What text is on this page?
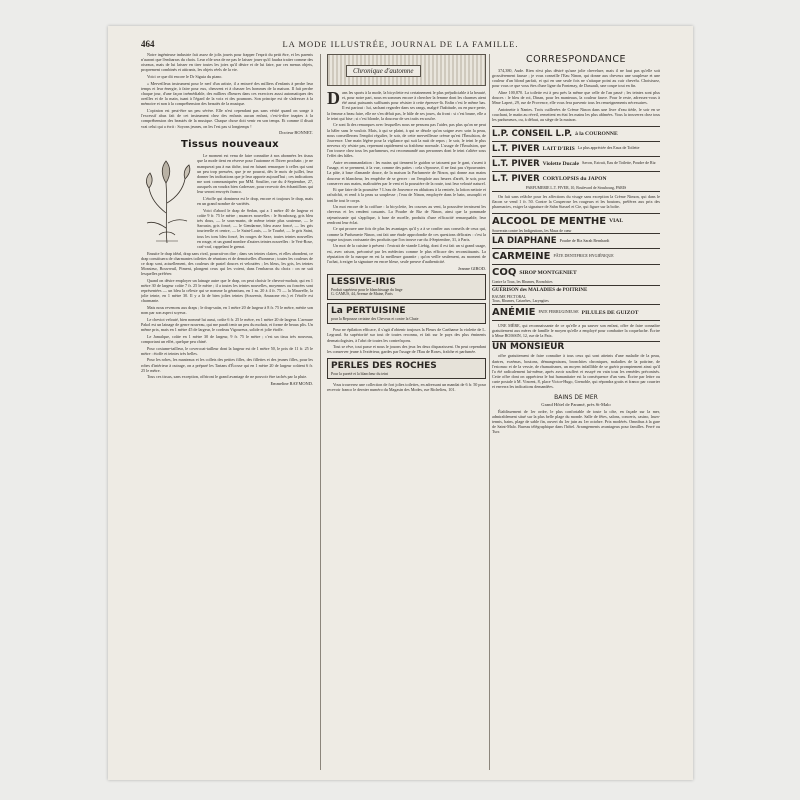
464	LA MODE ILLUSTRÉE, JOURNAL DE LA FAMILLE.

Notre ingénieuse industrie fait assez de jolis jouets pour frapper l'esprit du petit être, et les parents n'auront que l'embarras du choix. Leur rôle sera de ne pas le laisser jouer qu'il faudra traiter comme des oiseaux, mais de lui laisser en tirer toutes les joies qu'il désire et de lui faire, par ces menus objets, proprement combinés et attirants, les objets réels de la vie.

Voici ce que dit encore le Dr Siguia du piano.

« Merveilleux instrument pour le nerf d'un artiste, il a entravé des milliers d'enfants à perdre leur temps et leur énergie, à faire pour eux, cheuvent et à chasser les hommes de la maison. Il fait perdre chaque jour, d'une façon irrémédiable, des milliers d'heures dans ces exercices aussi automatiques des oreilles et de la main, tuant à l'égard de la voix et des poumons. Son principe est de s'adresser à la mémoire et non à la compréhension des beautés de la musique.

L'opinion est peut-être un peu sévère. Elle n'est cependant pas sans vérité quand on songe à l'excessif abus fait de cet instrument chez des enfants aucun enfant, c'est-à-dire inaptes à la compréhension des beautés de la musique. Chaque chose doit venir en son temps. Et comme il disait vrai celui qui a écrit : Soyons jeunes, on les l'est pas si longtemps !

Docteur BONNET.
Tissus nouveaux

Le moment est venu de faire connaître à nos abonnées les tissus que la mode tient en réserve pour l'automne et l'hiver prochain ; je ne manquerai pas à ma tâche, tout en faisant remarquer à celles qui sont un peu trop pressées, que je ne pourrai, dès le mois de juillet, leur donner les indications que je leur apporte aujourd'hui ; ces indications me sont communiquées par MM. Souilier, rue du 4-Septembre, 27, auxquels on voudra bien s'adresser, pour recevoir des échantillons qui leur seront envoyés franco.

L'étoffe qui dominera est le drap, encore et toujours le drap, mais en un grand nombre de variétés.

Voici d'abord le drap de Sedan, qui a 1 mètre 40 de largeur et coûte 9 fr. 75 le mètre ; nuances nouvelles : le Strasbourg, gris bleu très doux, — le sous-marin, de même teinte plus soutenue, — le Sarrasin, gris foncé, — le Gendarme, bleu assez foncé, — les gris tourterelle et centre, — le Saint-Louis, — le Tourbé, — le gris Saint, tous les tons bleu foncé, les rouges de Saxe, toutes teintes nouvelles en rouge, et un grand nombre d'autres teintes nouvelles : le Vert-Rose, craf-craf, rappelant le grenat.

Ensuite le drap idéal, drap sans rival, pourrait-on dire ; dans ses teintes claires, et elles abondent, ce drap constituera de charmantes toilettes de réunions et de demoiselles d'honneur ; toutes les couleurs de ce drap sont, actuellement, des couleurs de pastel douces et veloutées ; les bleus, les gris, les teintes Monsieur, Bouvreuil, Piment, plongent ceux qui les voient, dans l'embarras du choix : on ne sait lesquelles préférer.

Quand on désire employer un lainage autre que le drap, on peut choisir le chevrot-mohair, qui en 1 mètre 30 de largeur coûte 7 fr. 25 le mètre ; il a toutes les teintes nouvelles, moyennes ou foncées sont représentées — un bleu la céleste qui se nomme la géranium, en 1 m. 20 à 4 fr. 75 — la Mauvelle, la jolie teinte, en 1 mètre 30. Il y a là de bien jolies teintes (Souvenir, Amazone etc.) et l'étoffe est charmante.

Mais nous revenons aux draps ; le drap-satin, en 1 mètre 20 de largeur à 8 fr. 75 le mètre, mérite son nom par son aspect soyeux.

Le cheviot velouté, bien nommé lui aussi, coûte 6 fr. 25 le mètre, en 1 mètre 20 de largeur. L'armure Pakol est un lainage de genre nouveau, qui me paraît tenir un peu du mohair, et forme de beaux plis. Un même prix, mais en 1 mètre 45 de largeur, le cordeau Vigoureux, solide et jolie étoffe.

Le Jamalque, coûte en 1 mètre 30 de largeur, 9 fr. 75 le mètre ; c'est un tissu très nouveau, comportant un effet, quelque peu chiné.

Pour costume-tailleur, le covercoat-tailleur dont la largeur est de 1 mètre 50, le prix de 11 fr. 25 le mètre : étoffe et teintes très belles.

Pour les robes, les manteaux et les collets des petites filles, des fillettes et des jeunes filles, pour les robes d'intérieur à outrage, on a préparé les Tartans d'Écosse qui en 1 mètre 20 de largeur coûtent 6 fr. 25 le mètre.

Tous ces tissus, sans exception, offriront le grand avantage de ne pouvoir être tachés par la pluie.

Emmeline RAYMOND.
Chronique d'automne

Dans les sports à la mode, la bicyclette est certainement le plus préjudiciable à la beauté, et, pour notre part, nous en sommes encore à chercher la femme dont les charmes aient été aussi puissants suffisants pour résister à cette épreuve-là. Enfin c'est le même bas. Il est partout : lui, sachant regarder dans ses rangs, malgré l'habitude, ou en pure perte, la femme a beau faire, elle ne s'en défait pas, le hâle de ses joues, du front : si c'est brune, elle a le teint qui bise ; si c'est blonde, la douceur de ses traits en soufre.

Ce sont là des remarques avec lesquelles nous ne pensons pas l'aider, pas plus qu'on ne peut la hâler sans le vouloir. Mais, à qui se plaint, à qui se désole qu'on soigne avec soin la peau, nous conseillerons l'emploi régulier, le soir, de cette merveilleuse crème qu'est l'Émulsion, de Jouvence. Une main légère pour la vigilance qui suit la nuit de repos ; le soir, le teint le plus nerveux n'y résiste pas, reprenant rapidement sa fraîcheur normale. L'usage de l'Émulsion, que l'on trouve chez tous les parfumeurs, est recommandé aux personnes dont le teint s'altère sous l'effet des hâles.

Autre recommandation : les mains qui tiennent le guidon se tatouent par le gant, s'usent à l'usage, et se prennent, à la vue, comme des pattes : cela s'éprouve, il ne faut pas s'épouvanter. La pâte, à base d'amande douce, de la maison la Parfumerie de Ninon, qui donne aux mains douceur et blancheur, les empêche de se gercer : on l'emploie aux heures d'arrêt, le soir, pour conserver aux mains, maltraitées par le vent et la poussière de la route, tout leur velouté naturel.

Et que faire de la poussière ? L'eau de Jouvence en ablutions à la rentrée, la lotion nettoie et rafraîchit, et rend à la peau sa souplesse ; l'eau de Ninon, employée dans le bain, assouplit et tonifie tout le corps.

Un mot encore de la coiffure : la bicyclette, les courses au vent, la poussière ternissent les cheveux et les rendent cassants. La Poudre de Riz de Ninon, ainsi que la pommade rajeunissante qui s'applique, à base de moelle, produits d'une efficacité remarquable, leur rendront leur éclat.

Ce qui prouve une fois de plus les avantages qu'il y a à se confier aux conseils de ceux qui, comme la Parfumerie Ninon, ont fait une étude approfondie de ces questions délicates : c'est la vogue toujours croissante des produits que l'on trouve rue du 4-Septembre, 31, à Paris.

Un mot de la cuisine à présent : l'extrait de viande Liebig, dont il est fait un si grand usage, est, avec raison, préconisé par les médecins comme le plus efficace des reconstituants. La réputation de la marque en est la meilleure garantie ; qu'on veille seulement, au moment de l'achat, à exiger la signature en encre bleue, seule preuve d'authenticité.

Jeanne GIROD.
LESSIVE-IRIS
Produit supérieur pour le blanchissage du linge
G. CAMUS, 44, Avenue de Maine, Paris
La PERTUISINE
pour la Repousse certaine des Cheveux et contre la Chute

Pour ne épilation efficace, il s'agit d'obtenir toujours la Fleurs de Carthame la violette de L. Legrand. Sa supériorité sur tout de toutes reconnu, et fait sur le pays des plus éminents dermatologistes, à l'abri de toutes les contrefaçons.

Tout se rêve, tout passe et nous le jouons des jeux les deux disparaissent. On peut cependant les conserver jeune à l'extérieur, gardes par l'usage de l'Eau de Roses, fraîche et parfumée.

PERLES DES ROCHES
Pour la pureté et la blancheur du teint

Vous trouverez une collection de fort jolies toilettes, en adressant un mandat de 6 fr. 50 pour recevoir franco le dernier numéro du Magasin des Modes, rue Richelieu, 101.

CORRESPONDANCE

374,380, Aude. Rien n'est plus désiré qu'une jolie chevelure, mais il ne faut pas qu'elle soit grossièrement fausse ; je vous conseille l'Eau Ninon, qui donne aux cheveux une souplesse et une couleur d'un blond parfait, et qui en une seule fois ne s'attaque point au cuir chevelu. Choisissez, pour vous ce que vous êtes d'une ligne du Fontenay, de Dassault, une coupe tout en fin.

Aline 100,870. La toilette est à peu près la même que celle de l'an passé ; les teintes sont plus douces : le bleu de roi, Dinan, pour les manteaux, la couleur fauve. Pour le reste, adressez-vous à Mme Lapert, 29, rue de Provence, elle vous fera parvenir tous les renseignements nécessaires.

Antoinette à Nantes. Trois cuillerées de Crème Ninon dans une livre d'eau tiède, le soir en se couchant, le matin au réveil, remettent en état les mains les plus abîmées. Vous la trouverez chez tous les parfumeurs, ou, à défaut, au siège de la maison.

L.P. CONSEIL L.P. à la COURONNE
L.T. PIVER LAIT D'IRIS La plus appréciée des Eaux de Toilette
L.T. PIVER Violette Ducale Savon, Extrait, Eau de Toilette, Poudre de Riz
L.T. PIVER CORYLOPSIS du JAPON
PARFUMERIE L.T. PIVER, 10, Boulevard de Strasbourg, PARIS

On fait sans relâche pour les affections du visage sans exception la Crème Nimon, qui dans le flacon se vend 1 fr. 50. Contre la Couperose les rougeurs et les boutons, préférez aux prix des pharmacies, exiger la signature de Sahn Stassel et Cie, qui figure sur la boîte.

ALCOOL DE MENTHE VIAL
Souverain contre les Indigestions, les Maux de cœur
LA DIAPHANE Poudre de Riz Sarah Bernhardt
CARMEINE PÂTE DENTIFRICE HYGIÉNIQUE
COQ SIROP MONTGENIET
Contre la Toux, les Rhumes, Bronchites
GUÉRISON des MALADIES de POITRINE
BAUME PECTORAL
Toux, Rhumes, Catarrhes, Laryngites
ANÉMIE PATE FERRUGINEUSE PILULES DE GUIZOT

UNE MÈRE, qui reconnaissante de ce qu'elle a pu sauver son enfant, offre de faire connaître gratuitement aux mères de famille le moyen qu'elle a employé pour combattre la coqueluche. Écrire à Mme BOISSIN, 12, rue de la Paix.

UN MONSIEUR

offre gratuitement de faire connaître à tous ceux qui sont atteints d'une maladie de la peau, dartres, eczémas, boutons, démangeaisons, bronchites chroniques, maladies de la poitrine, de l'estomac et de la vessie, de rhumatismes, un moyen infaillible de se guérir promptement ainsi qu'il l'a été radicalement lui-même, après avoir souffert et essayé en vain tous les remèdes préconisés. Cette offre dont on appréciera le but humanitaire est la conséquence d'un vœu. Écrire par lettre ou carte postale à M. Vincent, 8, place Victor-Hugo, Grenoble, qui répondra gratis et franco par courrier et enverra les indications demandées.

BAINS DE MER
Grand Hôtel de Paramé, près St-Malo

Établissement de 1er ordre, le plus confortable de toute la côte, en façade sur la mer, admirablement situé sur la plus belle plage du monde. Salle de fêtes, salons, concerts, casino, lawn-tennis, bains, plage de sable fin, ouvert du 1er juin au 1er octobre. Prix modérés. Omnibus à la gare de Saint-Malo. Bureau télégraphique dans l'hôtel. Arrangements avantageux pour familles. Ferré ou Turr.
